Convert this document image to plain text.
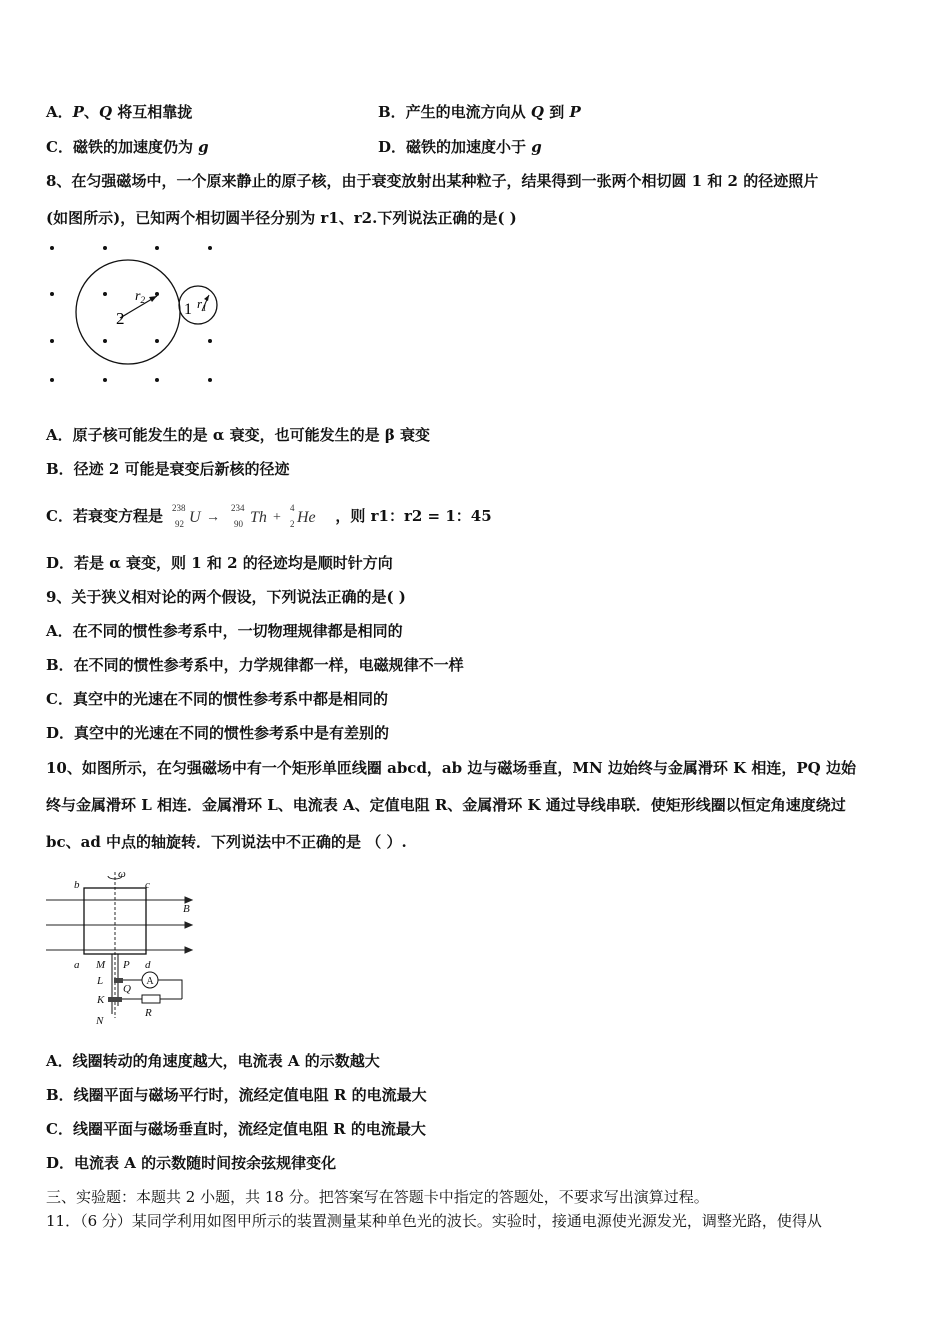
A．P、Q 将互相靠拢	B．产生的电流方向从 Q 到 P
C．磁铁的加速度仍为 g	D．磁铁的加速度小于 g
8、在匀强磁场中，一个原来静止的原子核，由于衰变放射出某种粒子，结果得到一张两个相切圆 1 和 2 的径迹照片
(如图所示)，已知两个相切圆半径分别为 r1、r2.下列说法正确的是( )
2	1
$r_2$	$r_1$
A．原子核可能发生的是 α 衰变，也可能发生的是 β 衰变
B．径迹 2 可能是衰变后新核的径迹
C．若衰变方程是 238
92 U →
234
90 Th +
4
2 He ，则 r1：r2 = 1：45
D．若是 α 衰变，则 1 和 2 的径迹均是顺时针方向
9、关于狭义相对论的两个假设，下列说法正确的是( )
A．在不同的惯性参考系中，一切物理规律都是相同的
B．在不同的惯性参考系中，力学规律都一样，电磁规律不一样
C．真空中的光速在不同的惯性参考系中都是相同的
D．真空中的光速在不同的惯性参考系中是有差别的
10、如图所示，在匀强磁场中有一个矩形单匝线圈 abcd，ab 边与磁场垂直，MN 边始终与金属滑环 K 相连，PQ 边始
终与金属滑环 L 相连．金属滑环 L、电流表 A、定值电阻 R、金属滑环 K 通过导线串联．使矩形线圈以恒定角速度绕过
bc、ad 中点的轴旋转．下列说法中不正确的是 （ ）.
ω
b	c
B
a M P d
L
Q
K
R
N
A
A．线圈转动的角速度越大，电流表 A 的示数越大
B．线圈平面与磁场平行时，流经定值电阻 R 的电流最大
C．线圈平面与磁场垂直时，流经定值电阻 R 的电流最大
D．电流表 A 的示数随时间按余弦规律变化
三、实验题：本题共 2 小题，共 18 分。把答案写在答题卡中指定的答题处，不要求写出演算过程。
11．（6 分）某同学利用如图甲所示的装置测量某种单色光的波长。实验时，接通电源使光源发光，调整光路，使得从
